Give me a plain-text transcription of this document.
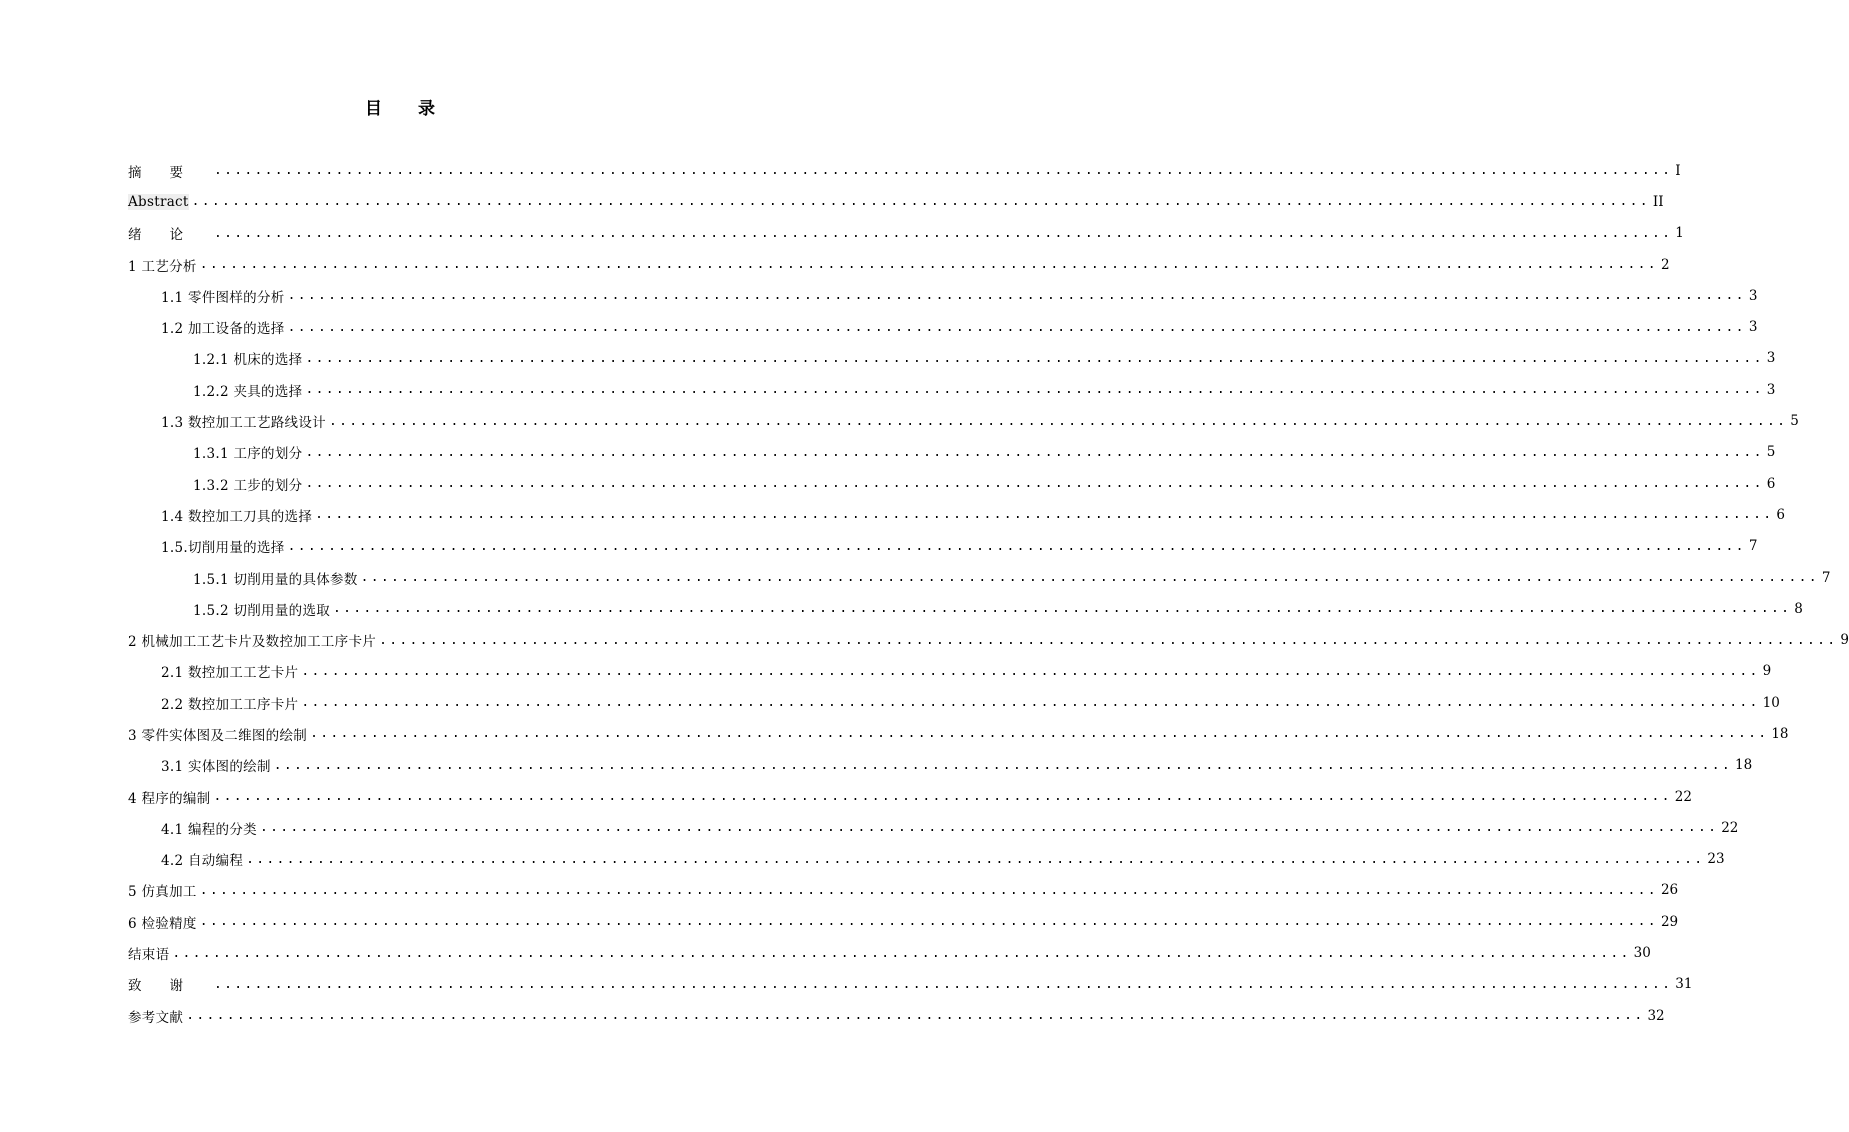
目 录
摘要 ................................................................................................................................................ I
Abstract ................................................................................................................................................ II
绪论 ................................................................................................................................................ 1
1 工艺分析 ................................................................................................................................................ 2
1.1 零件图样的分析 ................................................................................................................................................ 3
1.2 加工设备的选择 ................................................................................................................................................ 3
1.2.1 机床的选择 ................................................................................................................................................ 3
1.2.2 夹具的选择 ................................................................................................................................................ 3
1.3 数控加工工艺路线设计 ................................................................................................................................................ 5
1.3.1 工序的划分 ................................................................................................................................................ 5
1.3.2 工步的划分 ................................................................................................................................................ 6
1.4 数控加工刀具的选择 ................................................................................................................................................ 6
1.5.切削用量的选择 ................................................................................................................................................ 7
1.5.1 切削用量的具体参数 ................................................................................................................................................ 7
1.5.2 切削用量的选取 ................................................................................................................................................ 8
2 机械加工工艺卡片及数控加工工序卡片 ................................................................................................................................................ 9
2.1 数控加工工艺卡片 ................................................................................................................................................ 9
2.2 数控加工工序卡片 ................................................................................................................................................ 10
3 零件实体图及二维图的绘制 ................................................................................................................................................ 18
3.1 实体图的绘制 ................................................................................................................................................ 18
4 程序的编制 ................................................................................................................................................ 22
4.1 编程的分类 ................................................................................................................................................ 22
4.2 自动编程 ................................................................................................................................................ 23
5 仿真加工 ................................................................................................................................................ 26
6 检验精度 ................................................................................................................................................ 29
结束语 ................................................................................................................................................ 30
致谢 ................................................................................................................................................ 31
参考文献 ................................................................................................................................................ 32
